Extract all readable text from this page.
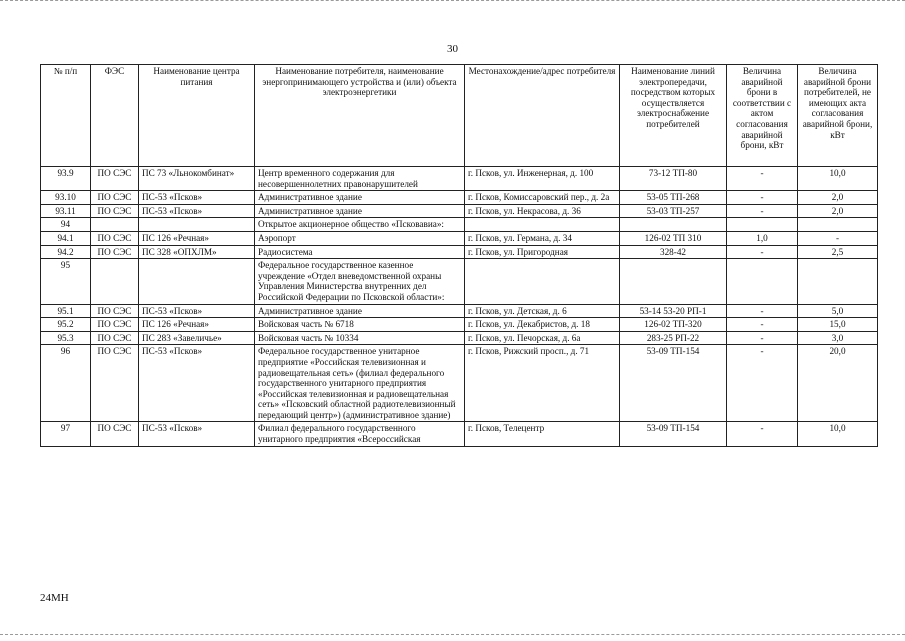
30
№ п/п	ФЭС	Наименование центра питания	Наименование потребителя, наименование энергопринимающего устройства и (или) объекта электроэнергетики	Местонахождение/адрес потребителя	Наименование линий электропередачи, посредством которых осуществляется электроснабжение потребителей	Величина аварийной брони в соответствии с актом согласования аварийной брони, кВт	Величина аварийной брони потребителей, не имеющих акта согласования аварийной брони, кВт
93.9	ПО СЭС	ПС 73 «Льнокомбинат»	Центр временного содержания для несовершеннолетних правонарушителей	г. Псков, ул. Инженерная, д. 100	73-12 ТП-80	-	10,0
93.10	ПО СЭС	ПС-53 «Псков»	Административное здание	г. Псков, Комиссаровский пер., д. 2а	53-05 ТП-268	-	2,0
93.11	ПО СЭС	ПС-53 «Псков»	Административное здание	г. Псков, ул. Некрасова, д. 36	53-03 ТП-257	-	2,0
94			Открытое акционерное общество «Псковавиа»:				
94.1	ПО СЭС	ПС 126 «Речная»	Аэропорт	г. Псков, ул. Германа, д. 34	126-02 ТП 310	1,0	-
94.2	ПО СЭС	ПС 328 «ОПХЛМ»	Радиосистема	г. Псков, ул. Пригородная	328-42	-	2,5
95			Федеральное государственное казенное учреждение «Отдел вневедомственной охраны Управления Министерства внутренних дел Российской Федерации по Псковской области»:				
95.1	ПО СЭС	ПС-53 «Псков»	Административное здание	г. Псков, ул. Детская, д. 6	53-14 53-20 РП-1	-	5,0
95.2	ПО СЭС	ПС 126 «Речная»	Войсковая часть № 6718	г. Псков, ул. Декабристов, д. 18	126-02 ТП-320	-	15,0
95.3	ПО СЭС	ПС 283 «Завеличье»	Войсковая часть № 10334	г. Псков, ул. Печорская, д. 6а	283-25 РП-22	-	3,0
96	ПО СЭС	ПС-53 «Псков»	Федеральное государственное унитарное предприятие «Российская телевизионная и радиовещательная сеть» (филиал федерального государственного унитарного предприятия «Российская телевизионная и радиовещательная сеть» «Псковский областной радиотелевизионный передающий центр») (административное здание)	г. Псков, Рижский просп., д. 71	53-09 ТП-154	-	20,0
97	ПО СЭС	ПС-53 «Псков»	Филиал федерального государственного унитарного предприятия «Всероссийская	г. Псков, Телецентр	53-09 ТП-154	-	10,0
24МН
